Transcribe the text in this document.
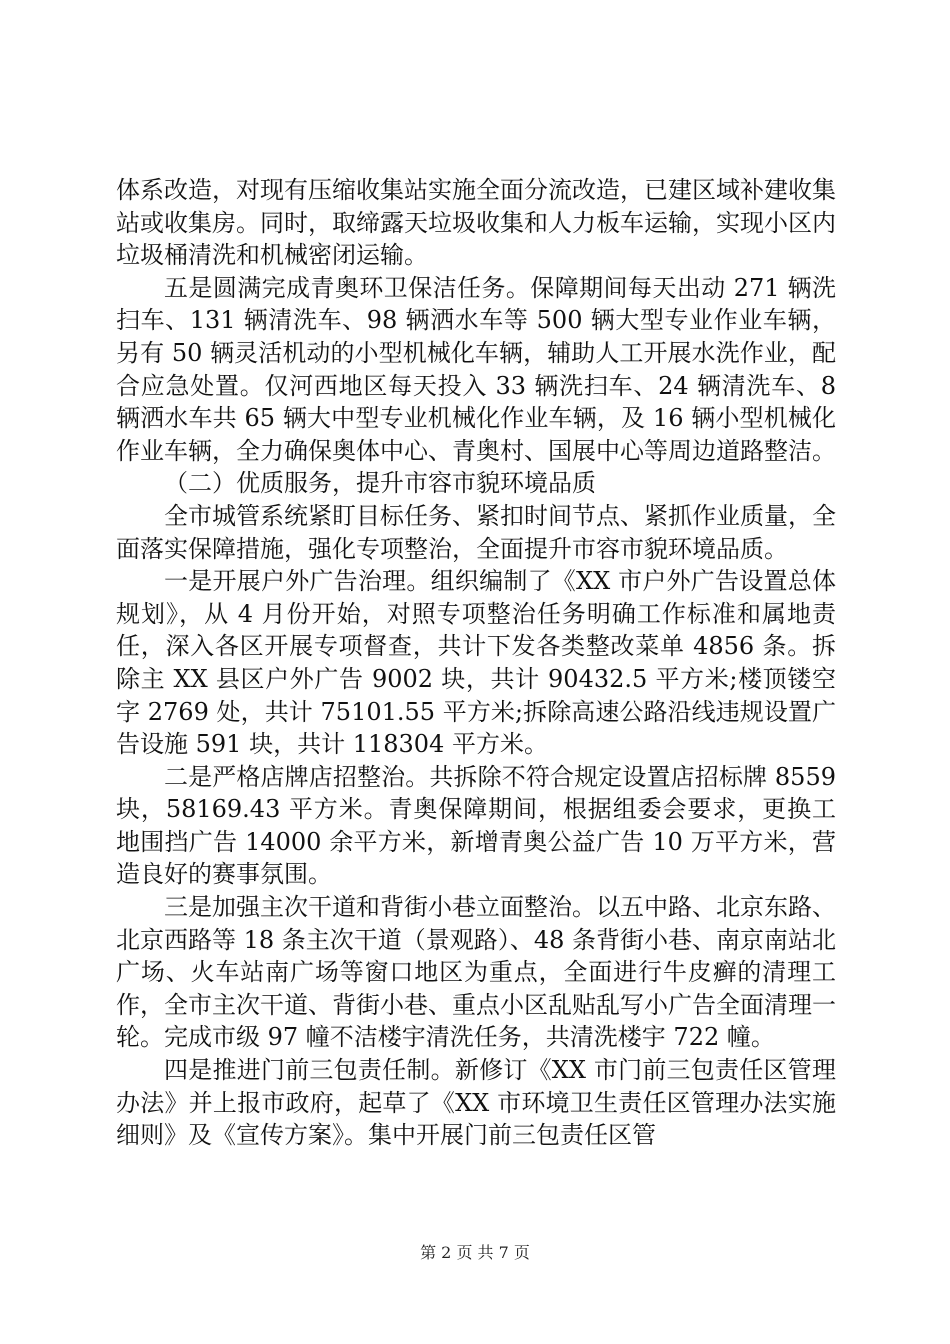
体系改造，对现有压缩收集站实施全面分流改造，已建区域补建收集站或收集房。同时，取缔露天垃圾收集和人力板车运输，实现小区内垃圾桶清洗和机械密闭运输。

五是圆满完成青奥环卫保洁任务。保障期间每天出动 271 辆洗扫车、131 辆清洗车、98 辆洒水车等 500 辆大型专业作业车辆，另有 50 辆灵活机动的小型机械化车辆，辅助人工开展水洗作业，配合应急处置。仅河西地区每天投入 33 辆洗扫车、24 辆清洗车、8 辆洒水车共 65 辆大中型专业机械化作业车辆，及 16 辆小型机械化作业车辆，全力确保奥体中心、青奥村、国展中心等周边道路整洁。

（二）优质服务，提升市容市貌环境品质

全市城管系统紧盯目标任务、紧扣时间节点、紧抓作业质量，全面落实保障措施，强化专项整治，全面提升市容市貌环境品质。

一是开展户外广告治理。组织编制了《XX 市户外广告设置总体规划》，从 4 月份开始，对照专项整治任务明确工作标准和属地责任，深入各区开展专项督查，共计下发各类整改菜单 4856 条。拆除主 XX 县区户外广告 9002 块，共计 90432.5 平方米;楼顶镂空字 2769 处，共计 75101.55 平方米;拆除高速公路沿线违规设置广告设施 591 块，共计 118304 平方米。

二是严格店牌店招整治。共拆除不符合规定设置店招标牌 8559 块，58169.43 平方米。青奥保障期间，根据组委会要求，更换工地围挡广告 14000 余平方米，新增青奥公益广告 10 万平方米，营造良好的赛事氛围。

三是加强主次干道和背街小巷立面整治。以五中路、北京东路、北京西路等 18 条主次干道（景观路）、48 条背街小巷、南京南站北广场、火车站南广场等窗口地区为重点，全面进行牛皮癣的清理工作，全市主次干道、背街小巷、重点小区乱贴乱写小广告全面清理一轮。完成市级 97 幢不洁楼宇清洗任务，共清洗楼宇 722 幢。

四是推进门前三包责任制。新修订《XX 市门前三包责任区管理办法》并上报市政府，起草了《XX 市环境卫生责任区管理办法实施细则》及《宣传方案》。集中开展门前三包责任区管

第 2 页 共 7 页
